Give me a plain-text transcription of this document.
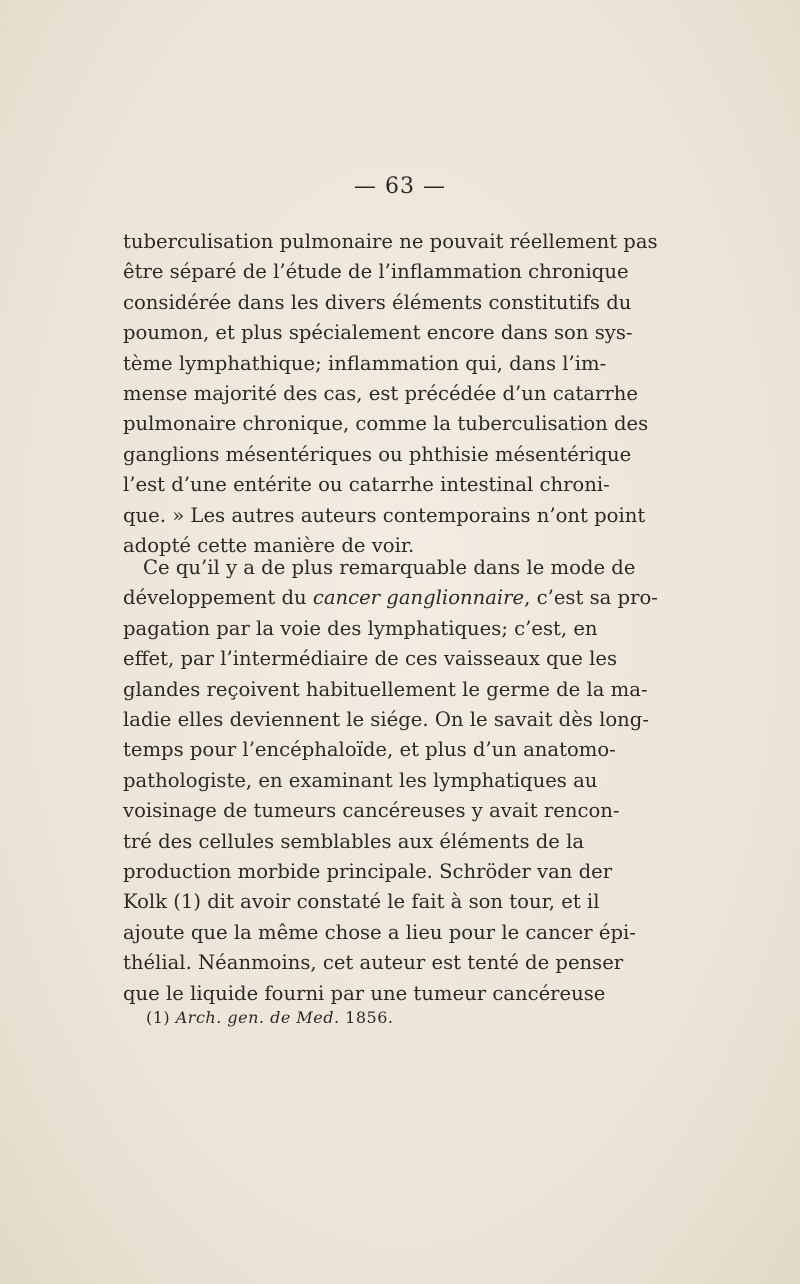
— 63 —
tuberculisation pulmonaire ne pouvait réellement pas
être séparé de l’étude de l’inflammation chronique
considérée dans les divers éléments constitutifs du
poumon, et plus spécialement encore dans son sys-
tème lymphathique; inflammation qui, dans l’im-
mense majorité des cas, est précédée d’un catarrhe
pulmonaire chronique, comme la tuberculisation des
ganglions mésentériques ou phthisie mésentérique
l’est d’une entérite ou catarrhe intestinal chroni-
que. » Les autres auteurs contemporains n’ont point
adopté cette manière de voir.
Ce qu’il y a de plus remarquable dans le mode de
développement du cancer ganglionnaire, c’est sa pro-
pagation par la voie des lymphatiques; c’est, en
effet, par l’intermédiaire de ces vaisseaux que les
glandes reçoivent habituellement le germe de la ma-
ladie elles deviennent le siége. On le savait dès long-
temps pour l’encéphaloïde, et plus d’un anatomo-
pathologiste, en examinant les lymphatiques au
voisinage de tumeurs cancéreuses y avait rencon-
tré des cellules semblables aux éléments de la
production morbide principale. Schröder van der
Kolk (1) dit avoir constaté le fait à son tour, et il
ajoute que la même chose a lieu pour le cancer épi-
thélial. Néanmoins, cet auteur est tenté de penser
que le liquide fourni par une tumeur cancéreuse
(1) Arch. gen. de Med. 1856.
